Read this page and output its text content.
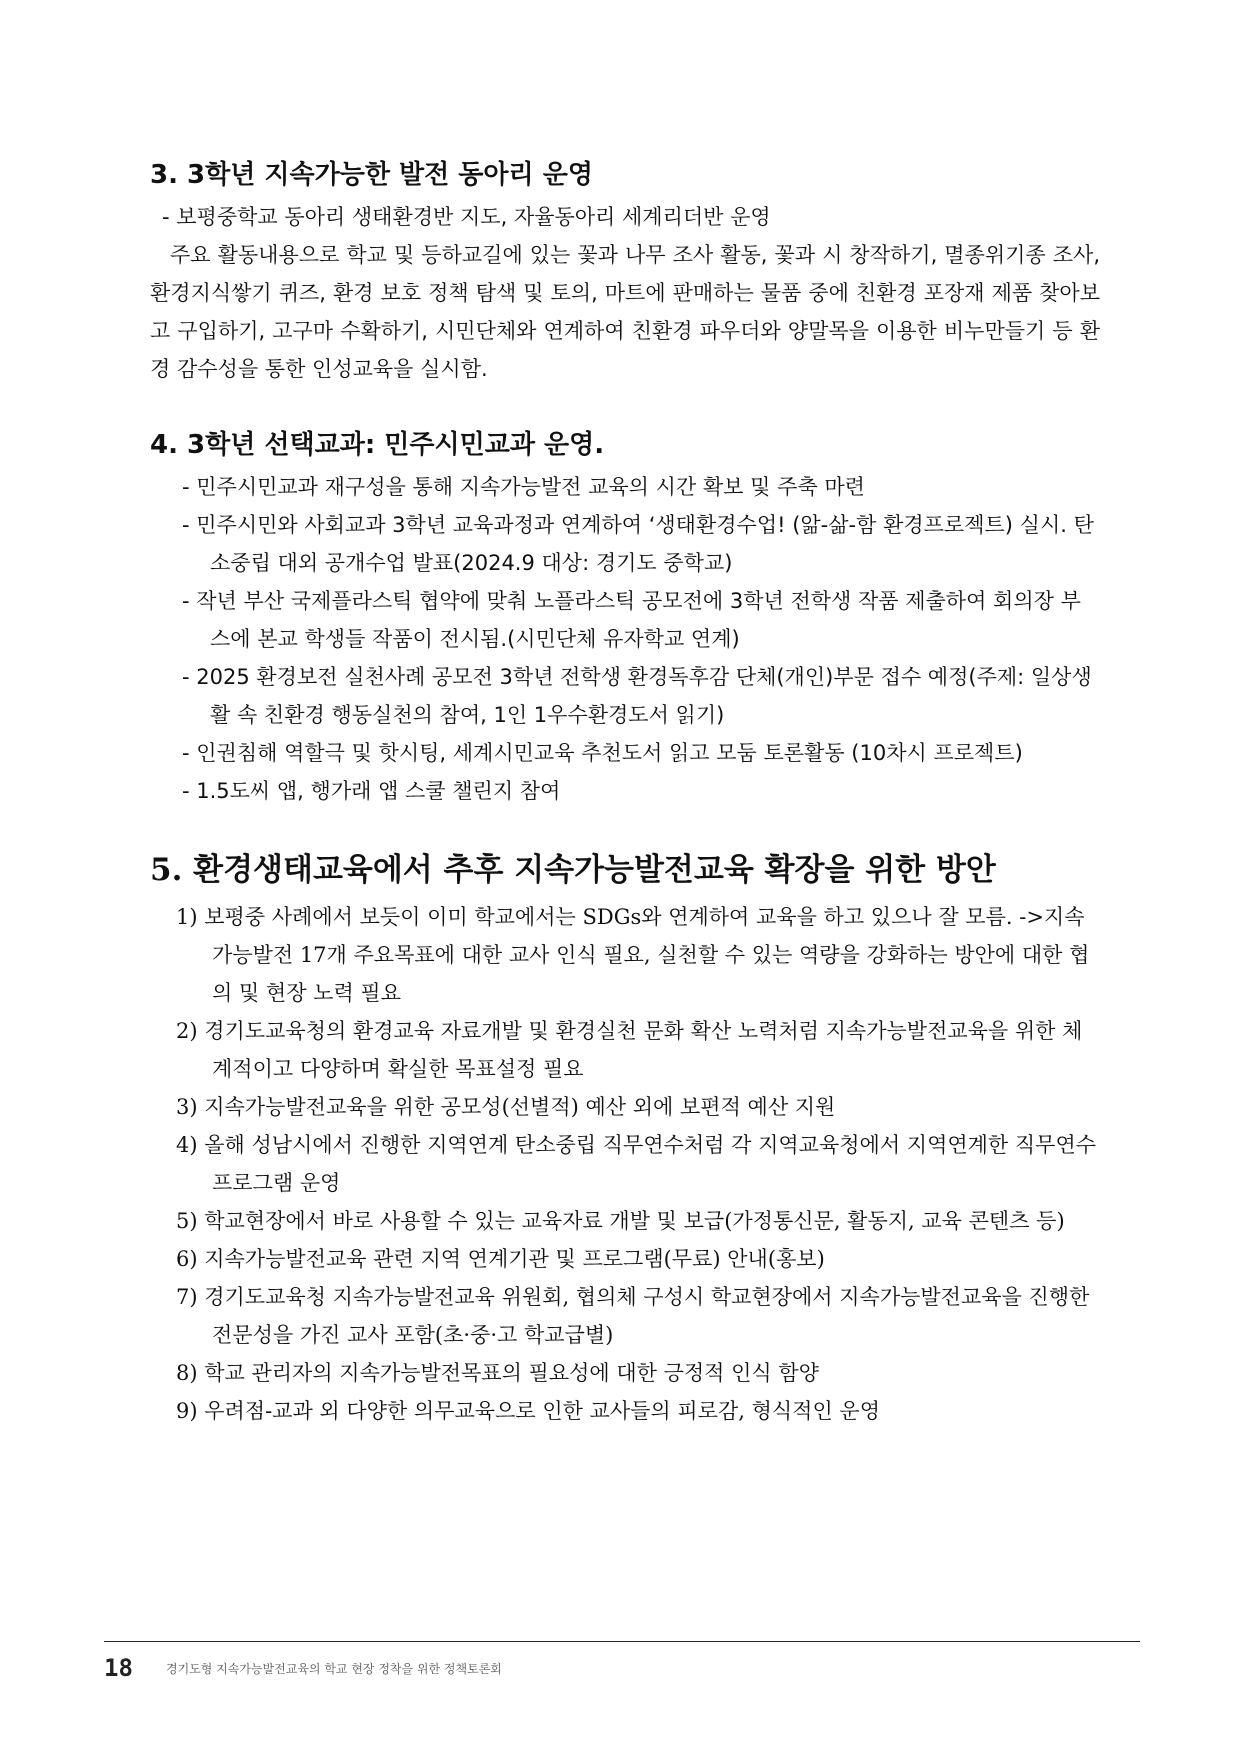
3. 3학년 지속가능한 발전 동아리 운영

- 보평중학교 동아리 생태환경반 지도, 자율동아리 세계리더반 운영

주요 활동내용으로 학교 및 등하교길에 있는 꽃과 나무 조사 활동, 꽃과 시 창작하기, 멸종위기종 조사, 환경지식쌓기 퀴즈, 환경 보호 정책 탐색 및 토의, 마트에 판매하는 물품 중에 친환경 포장재 제품 찾아보고 구입하기, 고구마 수확하기, 시민단체와 연계하여 친환경 파우더와 양말목을 이용한 비누만들기 등 환경 감수성을 통한 인성교육을 실시함.

4. 3학년 선택교과: 민주시민교과 운영.

- 민주시민교과 재구성을 통해 지속가능발전 교육의 시간 확보 및 주축 마련

- 민주시민와 사회교과 3학년 교육과정과 연계하여 ‘생태환경수업! (앎-삶-함 환경프로젝트) 실시. 탄소중립 대외 공개수업 발표(2024.9 대상: 경기도 중학교)

- 작년 부산 국제플라스틱 협약에 맞춰 노플라스틱 공모전에 3학년 전학생 작품 제출하여 회의장 부스에 본교 학생들 작품이 전시됨.(시민단체 유자학교 연계)

- 2025 환경보전 실천사례 공모전 3학년 전학생 환경독후감 단체(개인)부문 접수 예정(주제: 일상생활 속 친환경 행동실천의 참여, 1인 1우수환경도서 읽기)

- 인권침해 역할극 및 핫시팅, 세계시민교육 추천도서 읽고 모둠 토론활동 (10차시 프로젝트)

- 1.5도씨 앱, 행가래 앱 스쿨 챌린지 참여

5. 환경생태교육에서 추후 지속가능발전교육 확장을 위한 방안

1) 보평중 사례에서 보듯이 이미 학교에서는 SDGs와 연계하여 교육을 하고 있으나 잘 모름. ->지속가능발전 17개 주요목표에 대한 교사 인식 필요, 실천할 수 있는 역량을 강화하는 방안에 대한 협의 및 현장 노력 필요

2) 경기도교육청의 환경교육 자료개발 및 환경실천 문화 확산 노력처럼 지속가능발전교육을 위한 체계적이고 다양하며 확실한 목표설정 필요

3) 지속가능발전교육을 위한 공모성(선별적) 예산 외에 보편적 예산 지원

4) 올해 성남시에서 진행한 지역연계 탄소중립 직무연수처럼 각 지역교육청에서 지역연계한 직무연수 프로그램 운영

5) 학교현장에서 바로 사용할 수 있는 교육자료 개발 및 보급(가정통신문, 활동지, 교육 콘텐츠 등)

6) 지속가능발전교육 관련 지역 연계기관 및 프로그램(무료) 안내(홍보)

7) 경기도교육청 지속가능발전교육 위원회, 협의체 구성시 학교현장에서 지속가능발전교육을 진행한 전문성을 가진 교사 포함(초·중·고 학교급별)

8) 학교 관리자의 지속가능발전목표의 필요성에 대한 긍정적 인식 함양

9) 우려점-교과 외 다양한 의무교육으로 인한 교사들의 피로감, 형식적인 운영

18	경기도형 지속가능발전교육의 학교 현장 정착을 위한 정책토론회
